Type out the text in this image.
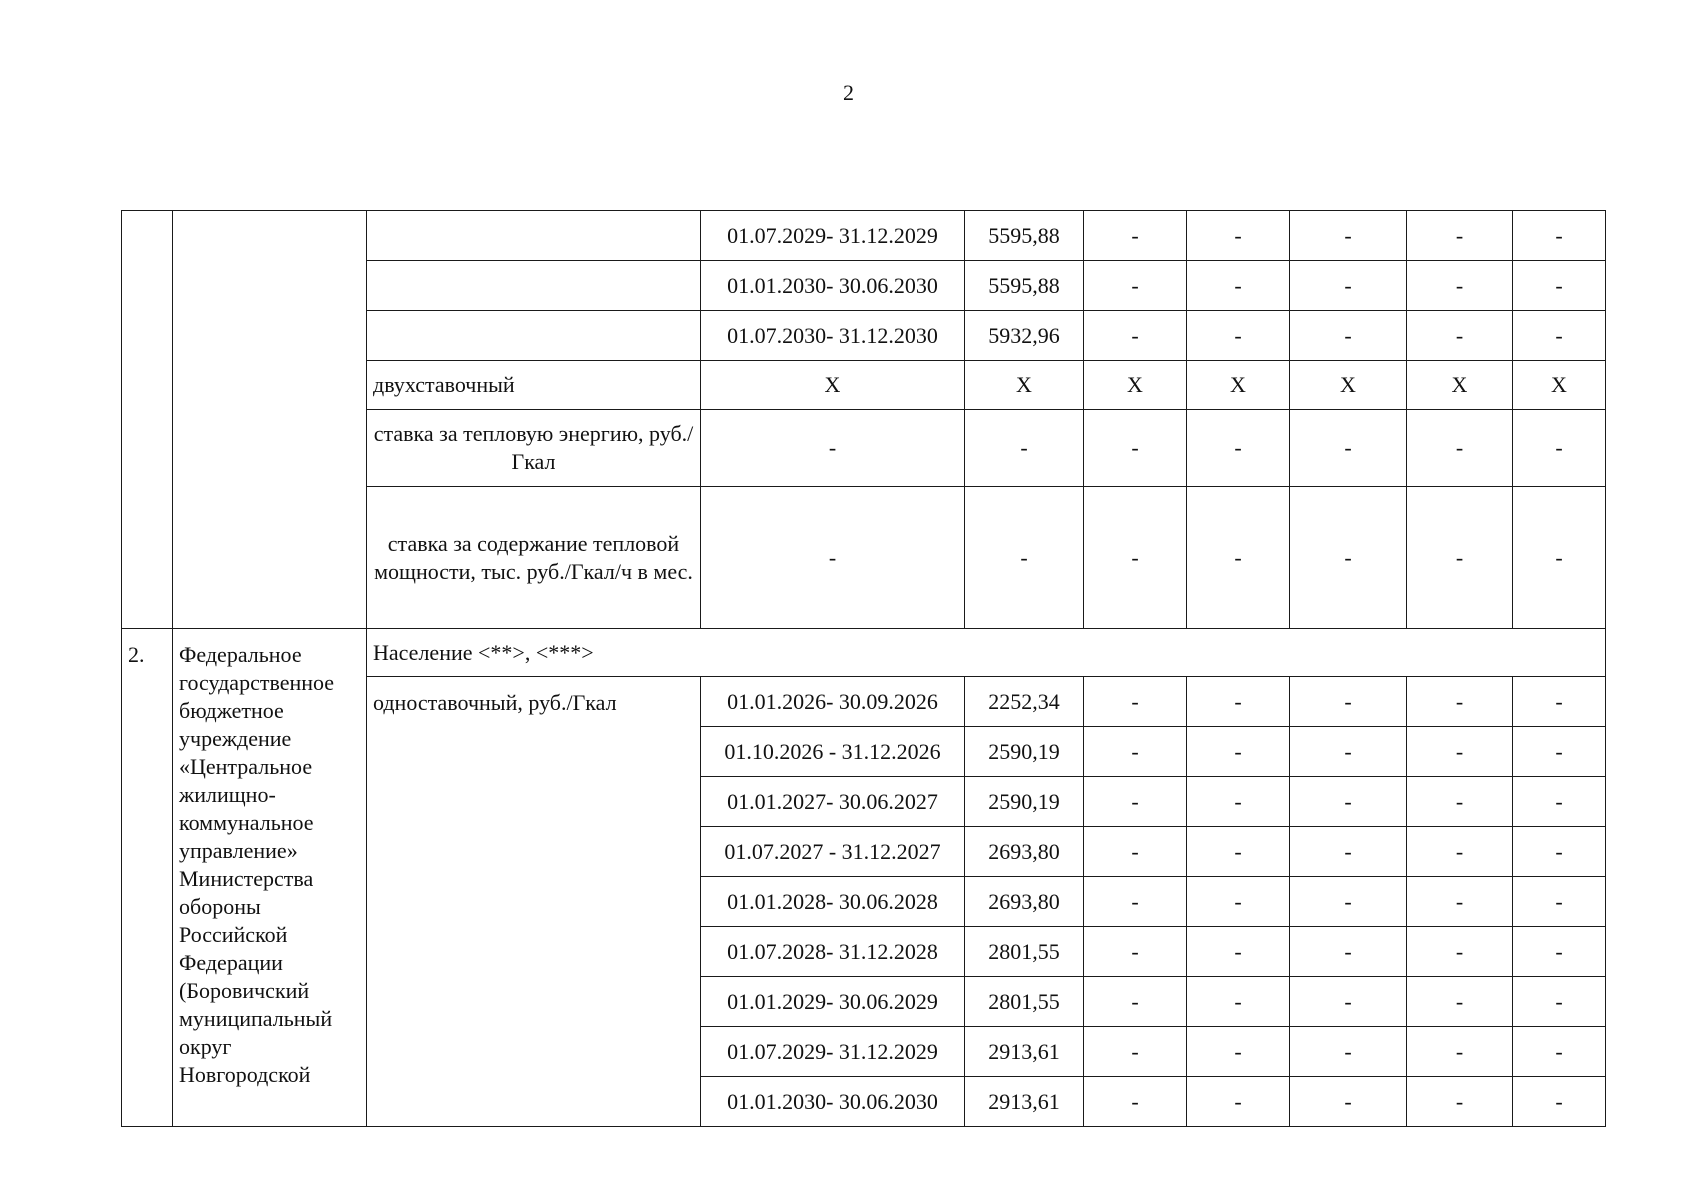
2
			01.07.2029- 31.12.2029	5595,88	-	-	-	-	-
			01.01.2030- 30.06.2030	5595,88	-	-	-	-	-
			01.07.2030- 31.12.2030	5932,96	-	-	-	-	-
		двухставочный	X	X	X	X	X	X	X
		ставка за тепловую энергию, руб./Гкал	-	-	-	-	-	-	-
		ставка за содержание тепловой мощности, тыс. руб./Гкал/ч в мес.	-	-	-	-	-	-	-
2.	Федеральное государственное бюджетное учреждение «Центральное жилищно-коммунальное управление» Министерства обороны Российской Федерации (Боровичский муниципальный округ Новгородской	Население <**>, <***>							
		одноставочный, руб./Гкал	01.01.2026- 30.09.2026	2252,34	-	-	-	-	-
			01.10.2026 - 31.12.2026	2590,19	-	-	-	-	-
			01.01.2027- 30.06.2027	2590,19	-	-	-	-	-
			01.07.2027 - 31.12.2027	2693,80	-	-	-	-	-
			01.01.2028- 30.06.2028	2693,80	-	-	-	-	-
			01.07.2028- 31.12.2028	2801,55	-	-	-	-	-
			01.01.2029- 30.06.2029	2801,55	-	-	-	-	-
			01.07.2029- 31.12.2029	2913,61	-	-	-	-	-
			01.01.2030- 30.06.2030	2913,61	-	-	-	-	-
